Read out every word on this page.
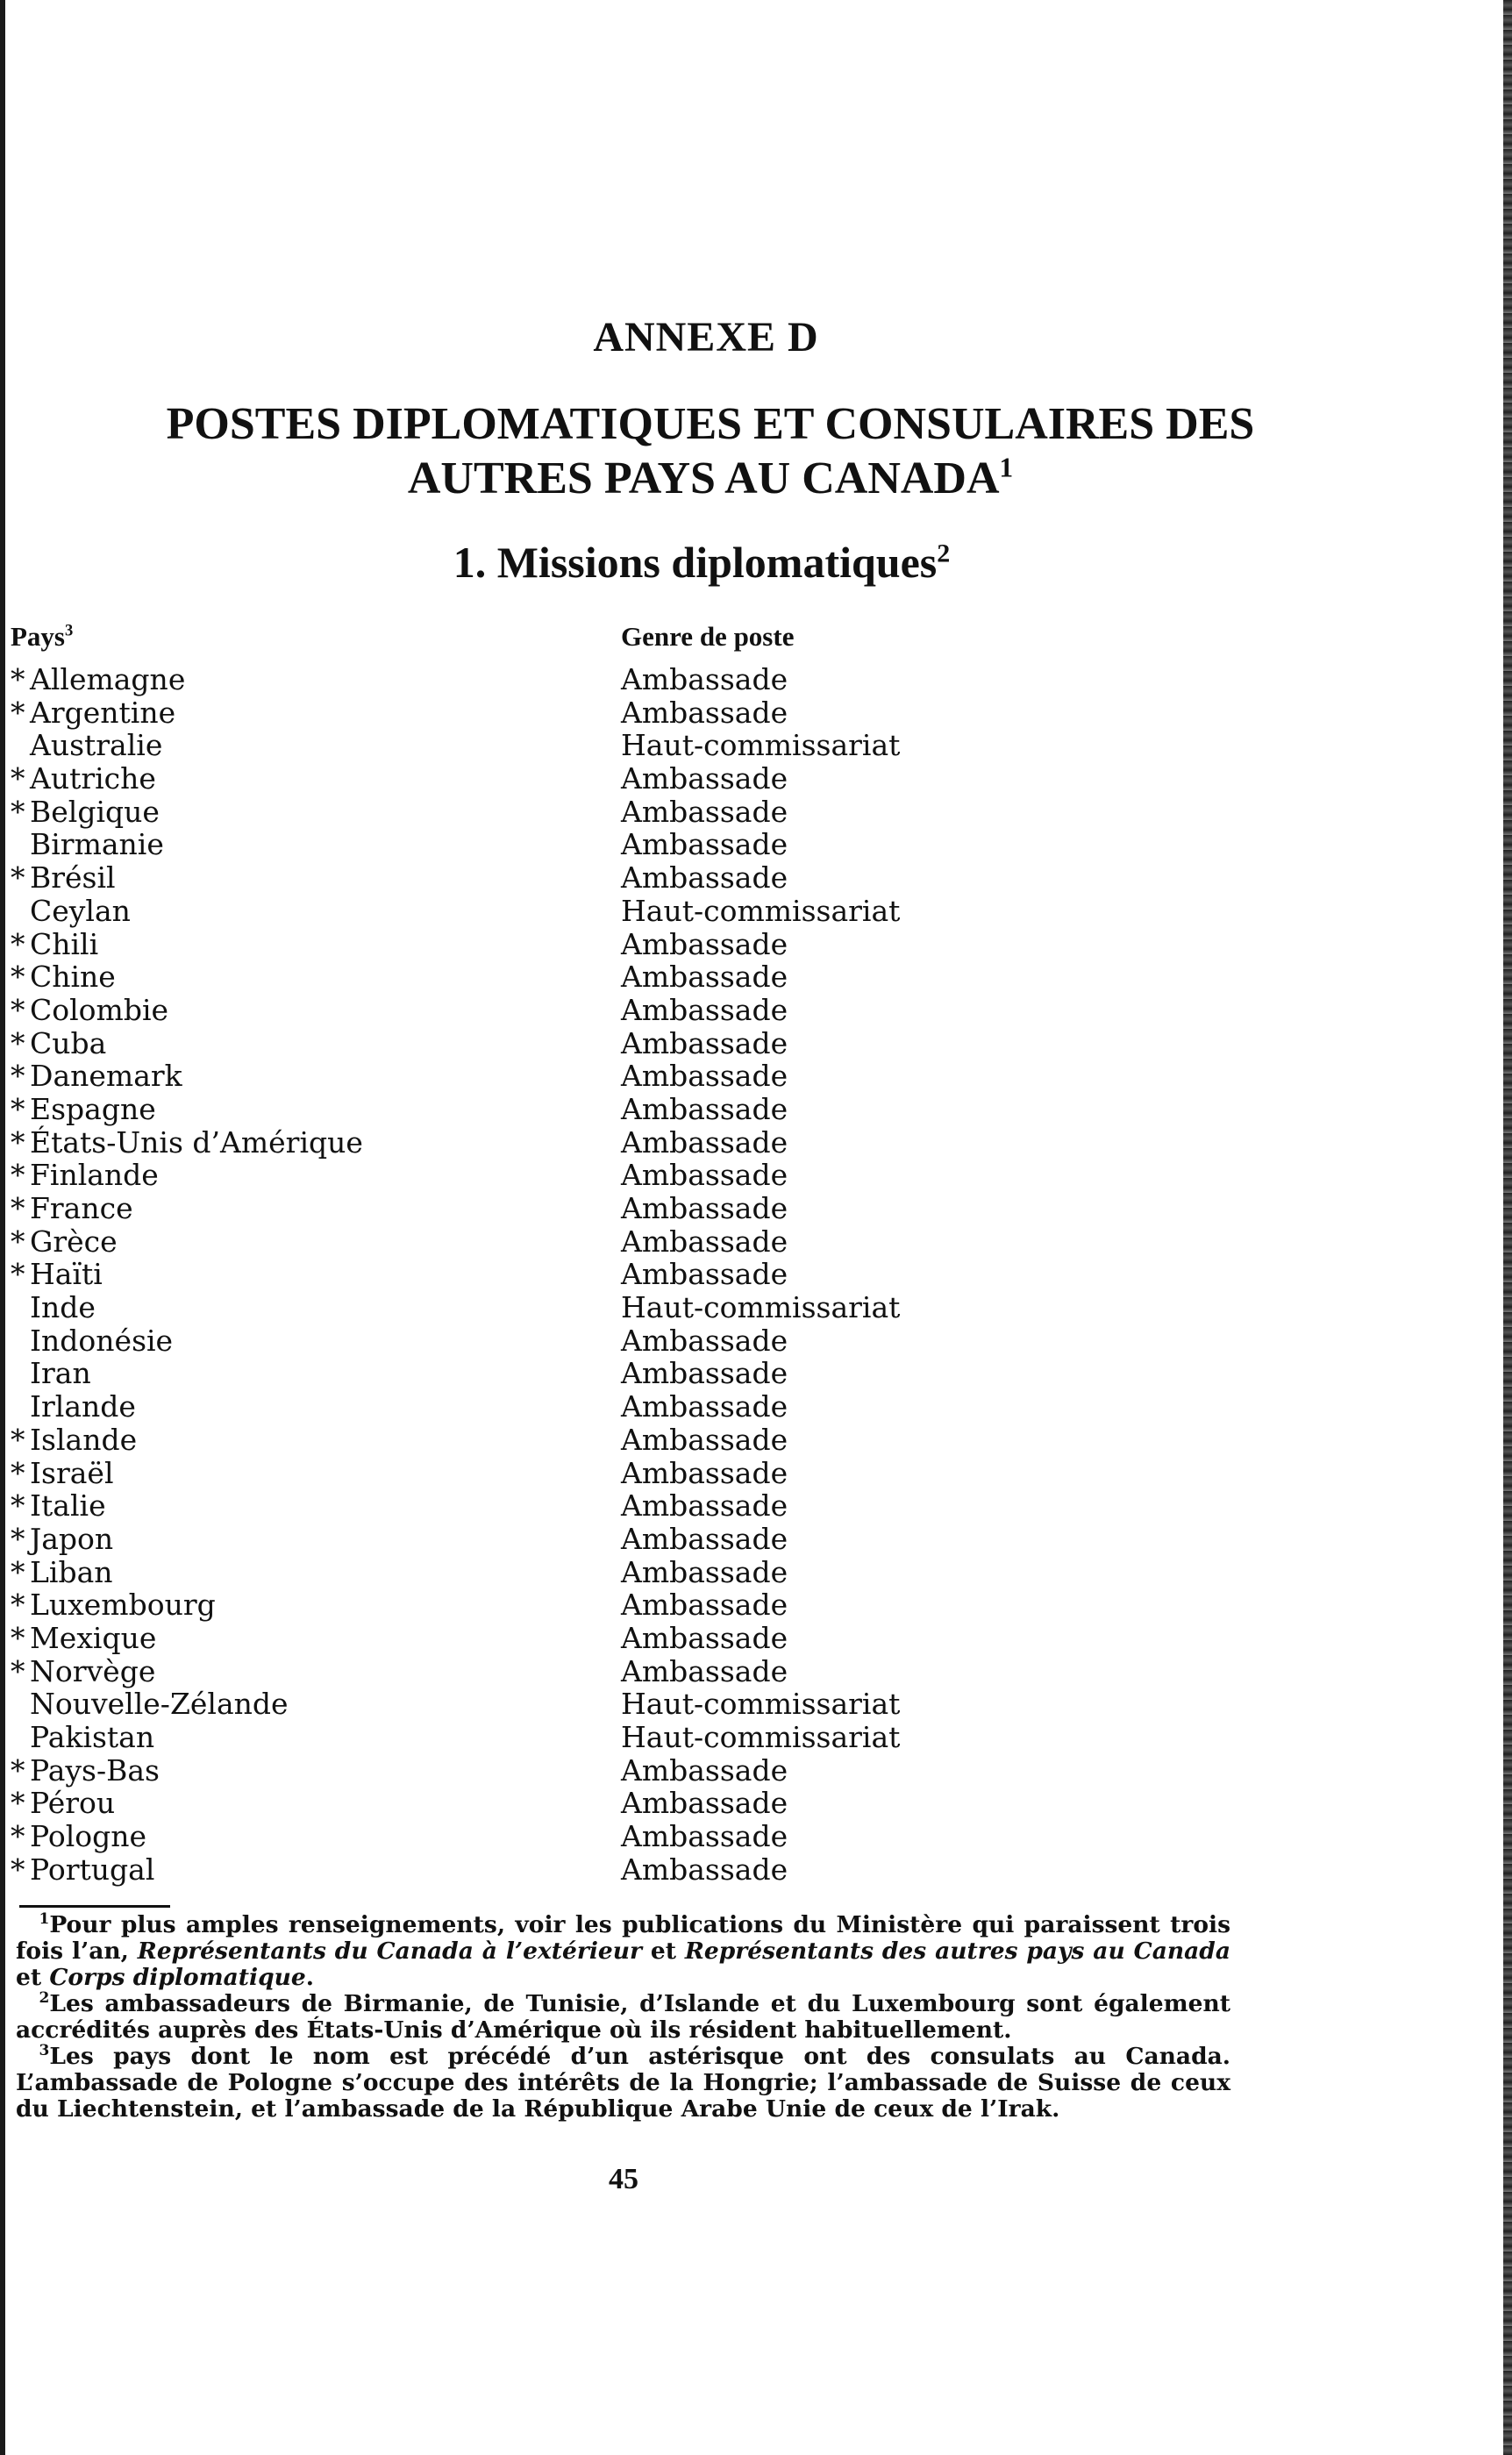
ANNEXE D
POSTES DIPLOMATIQUES ET CONSULAIRES DES
AUTRES PAYS AU CANADA$^1$
1. Missions diplomatiques$^2$
Pays$^3$	Genre de poste
* Allemagne	Ambassade
* Argentine	Ambassade
Australie	Haut-commissariat
* Autriche	Ambassade
* Belgique	Ambassade
Birmanie	Ambassade
* Brésil	Ambassade
Ceylan	Haut-commissariat
* Chili	Ambassade
* Chine	Ambassade
* Colombie	Ambassade
* Cuba	Ambassade
* Danemark	Ambassade
* Espagne	Ambassade
* États-Unis d’Amérique	Ambassade
* Finlande	Ambassade
* France	Ambassade
* Grèce	Ambassade
* Haïti	Ambassade
Inde	Haut-commissariat
Indonésie	Ambassade
Iran	Ambassade
Irlande	Ambassade
* Islande	Ambassade
* Israël	Ambassade
* Italie	Ambassade
* Japon	Ambassade
* Liban	Ambassade
* Luxembourg	Ambassade
* Mexique	Ambassade
* Norvège	Ambassade
Nouvelle-Zélande	Haut-commissariat
Pakistan	Haut-commissariat
* Pays-Bas	Ambassade
* Pérou	Ambassade
* Pologne	Ambassade
* Portugal	Ambassade

 $^1$Pour plus amples renseignements, voir les publications du Ministère qui paraissent trois fois l’an, Représentants du Canada à l’extérieur et Représentants des autres pays au Canada et Corps diplomatique.

 $^2$Les ambassadeurs de Birmanie, de Tunisie, d’Islande et du Luxembourg sont également accrédités auprès des États-Unis d’Amérique où ils résident habituellement.

 $^3$Les pays dont le nom est précédé d’un astérisque ont des consulats au Canada. L’ambassade de Pologne s’occupe des intérêts de la Hongrie; l’ambassade de Suisse de ceux du Liechtenstein, et l’ambassade de la République Arabe Unie de ceux de l’Irak.

45
